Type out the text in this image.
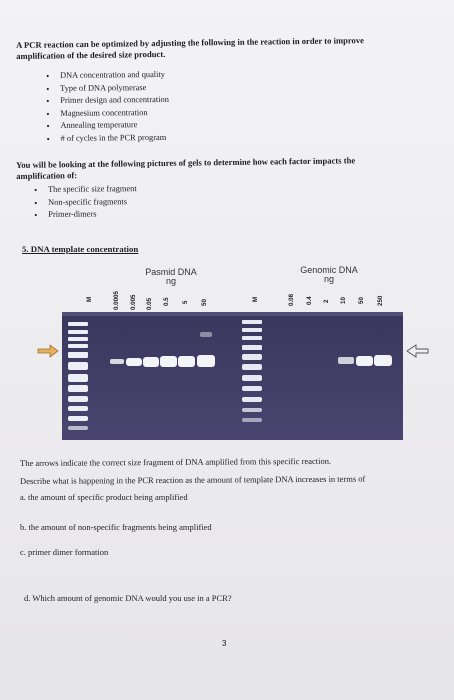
A PCR reaction can be optimized by adjusting the following in the reaction in order to improve
amplification of the desired size product.
•	DNA concentration and quality
•	Type of DNA polymerase
•	Primer design and concentration
•	Magnesium concentration
•	Annealing temperature
•	# of cycles in the PCR program
You will be looking at the following pictures of gels to determine how each factor impacts the
amplification of:
•	The specific size fragment
•	Non-specific fragments
•	Primer-dimers
5. DNA template concentration
Pasmid DNA
ng
Genomic DNA
ng
M	0.0005 0.005 0.05 0.5 5 50	M	0.08 0.4 2 10 50 250
The arrows indicate the correct size fragment of DNA amplified from this specific reaction.
Describe what is happening in the PCR reaction as the amount of template DNA increases in terms of
a. the amount of specific product being amplified
b. the amount of non-specific fragments being amplified
c. primer dimer formation
d. Which amount of genomic DNA would you use in a PCR?
3
